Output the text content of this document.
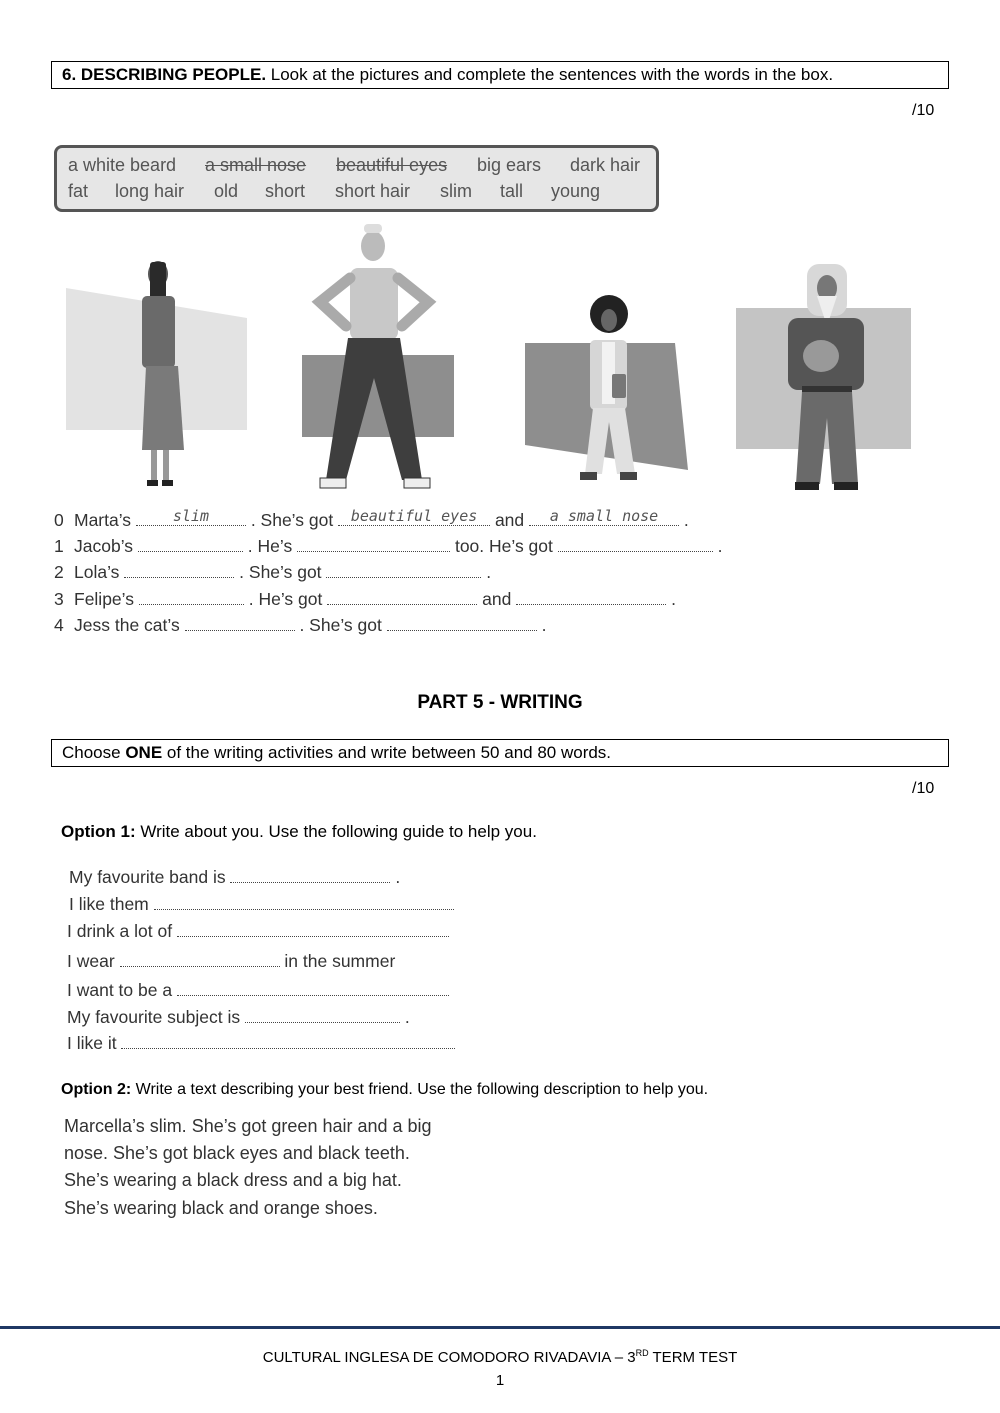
6. DESCRIBING PEOPLE. Look at the pictures and complete the sentences with the words in the box.
/10
a white beard a small nose beautiful eyes big ears dark hair
fat long hair old short short hair slim tall young
0 Marta’s	slim	. She’s got	beautiful eyes	and	a small nose	.
1 Jacob’s	. He’s	too. He’s got	.
2 Lola’s	. She’s got	.
3 Felipe’s	. He’s got	and	.
4 Jess the cat’s	. She’s got	.
PART 5 - WRITING
Choose ONE of the writing activities and write between 50 and 80 words.
/10
Option 1: Write about you. Use the following guide to help you.
My favourite band is	.
I like them
I drink a lot of
I wear	in the summer
I want to be a
My favourite subject is	.
I like it
Option 2: Write a text describing your best friend. Use the following description to help you.
Marcella’s slim. She’s got green hair and a big
nose. She’s got black eyes and black teeth.
She’s wearing a black dress and a big hat.
She’s wearing black and orange shoes.
CULTURAL INGLESA DE COMODORO RIVADAVIA – 3RD TERM TEST
1
